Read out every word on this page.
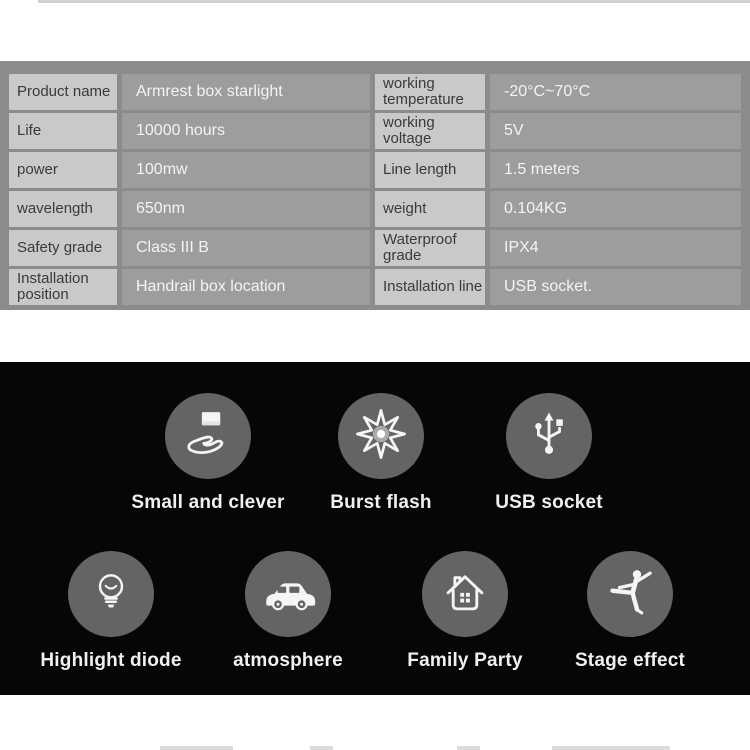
Product name	Armrest box starlight	working temperature	-20°C~70°C
Life	10000 hours	working voltage	5V
power	100mw	Line length	1.5 meters
wavelength	650nm	weight	0.104KG
Safety grade	Class III B	Waterproof grade	IPX4
Installation position	Handrail box location	Installation line	USB socket.
Small and clever	Burst flash	USB socket
Highlight diode	atmosphere	Family Party	Stage effect
